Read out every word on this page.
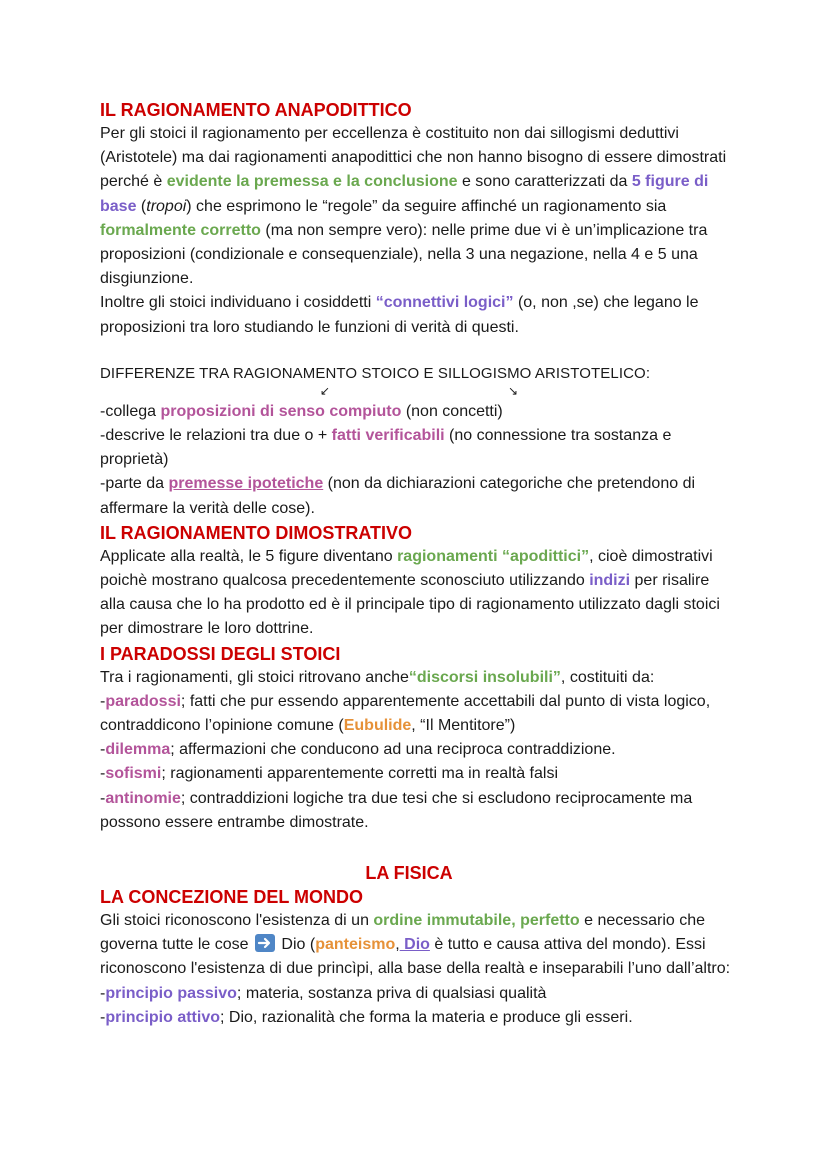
IL RAGIONAMENTO ANAPODITTICO

Per gli stoici il ragionamento per eccellenza è costituito non dai sillogismi deduttivi (Aristotele) ma dai ragionamenti anapodittici che non hanno bisogno di essere dimostrati perché è evidente la premessa e la conclusione e sono caratterizzati da 5 figure di base (tropoi) che esprimono le “regole” da seguire affinché un ragionamento sia formalmente corretto (ma non sempre vero): nelle prime due vi è un’implicazione tra proposizioni (condizionale e consequenziale), nella 3 una negazione, nella 4 e 5 una disgiunzione.
Inoltre gli stoici individuano i cosiddetti “connettivi logici” (o, non ,se) che legano le proposizioni tra loro studiando le funzioni di verità di questi.

DIFFERENZE TRA RAGIONAMENTO STOICO E SILLOGISMO ARISTOTELICO:
↙	↘

-collega proposizioni di senso compiuto (non concetti)
-descrive le relazioni tra due o + fatti verificabili (no connessione tra sostanza e proprietà)
-parte da premesse ipotetiche (non da dichiarazioni categoriche che pretendono di affermare la verità delle cose).

IL RAGIONAMENTO DIMOSTRATIVO

Applicate alla realtà, le 5 figure diventano ragionamenti “apodittici”, cioè dimostrativi poichè mostrano qualcosa precedentemente sconosciuto utilizzando indizi per risalire alla causa che lo ha prodotto ed è il principale tipo di ragionamento utilizzato dagli stoici per dimostrare le loro dottrine.

I PARADOSSI DEGLI STOICI

Tra i ragionamenti, gli stoici ritrovano anche“discorsi insolubili”, costituiti da:
-paradossi; fatti che pur essendo apparentemente accettabili dal punto di vista logico, contraddicono l’opinione comune (Eubulide, “Il Mentitore”)
-dilemma; affermazioni che conducono ad una reciproca contraddizione.
-sofismi; ragionamenti apparentemente corretti ma in realtà falsi
-antinomie; contraddizioni logiche tra due tesi che si escludono reciprocamente ma possono essere entrambe dimostrate.

LA FISICA
LA CONCEZIONE DEL MONDO

Gli stoici riconoscono l'esistenza di un ordine immutabile, perfetto e necessario che governa tutte le cose  Dio (panteismo, Dio è tutto e causa attiva del mondo). Essi riconoscono l'esistenza di due princìpi, alla base della realtà e inseparabili l’uno dall’altro:
-principio passivo; materia, sostanza priva di qualsiasi qualità
-principio attivo; Dio, razionalità che forma la materia e produce gli esseri.
